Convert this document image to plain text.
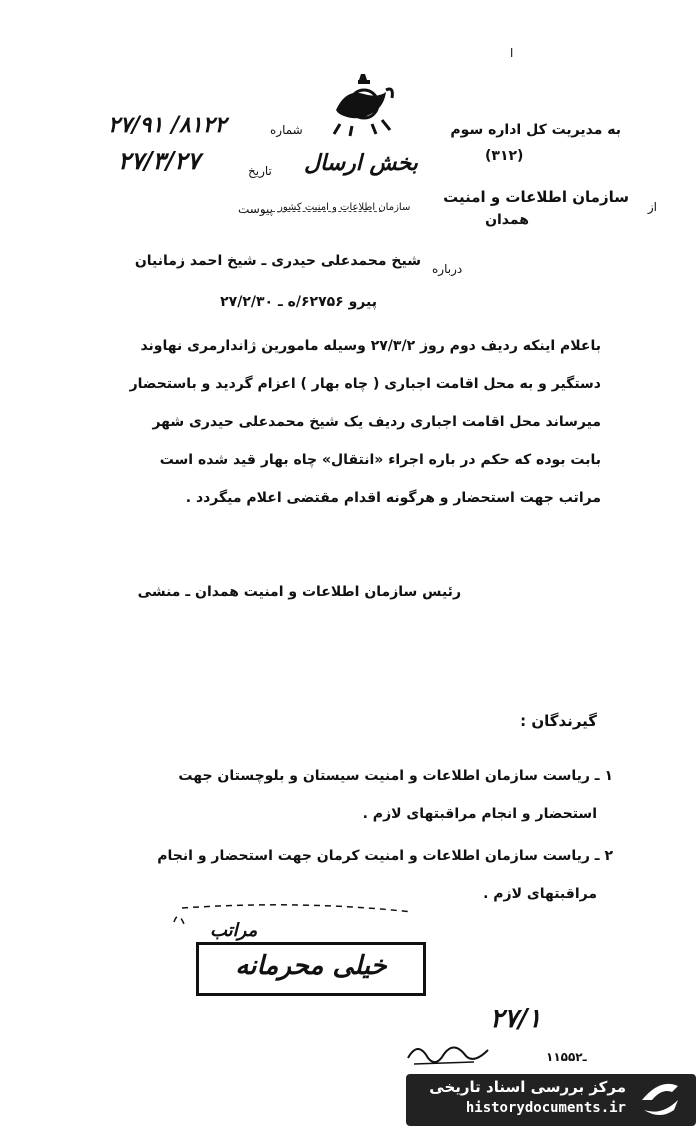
ا
به مدیریت کل اداره سوم
(۳۱۲)
شماره
۲۷/۹۱ /۸۱۲۲
تاریخ
۲۷/۳/۲۷	بخش ارسال
از
سازمان اطلاعات و امنیت
همدان
سازمان اطلاعات و امنیت کشور
پیوست
درباره
شیخ محمدعلی حیدری ـ شیخ احمد زمانیان
پیرو ۶۲۷۵۶/ه ـ ۲۷/۲/۳۰
باعلام اینکه ردیف دوم روز ۲۷/۳/۲ وسیله مامورین ژاندارمری نهاوند
دستگیر و به محل اقامت اجباری ( چاه بهار ) اعزام گردید و باستحضار
میرساند محل اقامت اجباری ردیف یک شیخ محمدعلی حیدری شهر
بابت بوده که حکم در باره اجراء «انتقال» چاه بهار قید شده است
مراتب جهت استحضار و هرگونه اقدام مقتضی اعلام میگردد .
رئیس سازمان اطلاعات و امنیت همدان ـ منشی
گیرندگان :
۱ ـ ریاست سازمان اطلاعات و امنیت سیستان و بلوچستان جهت
استحضار و انجام مراقبتهای لازم .
۲ ـ ریاست سازمان اطلاعات و امنیت کرمان جهت استحضار و انجام
مراقبتهای لازم .
مراتب
خیلی محرمانه
۲۷/۱
۱۱۵ـ۵۲
مرکز بررسی اسناد تاریخی
historydocuments.ir
